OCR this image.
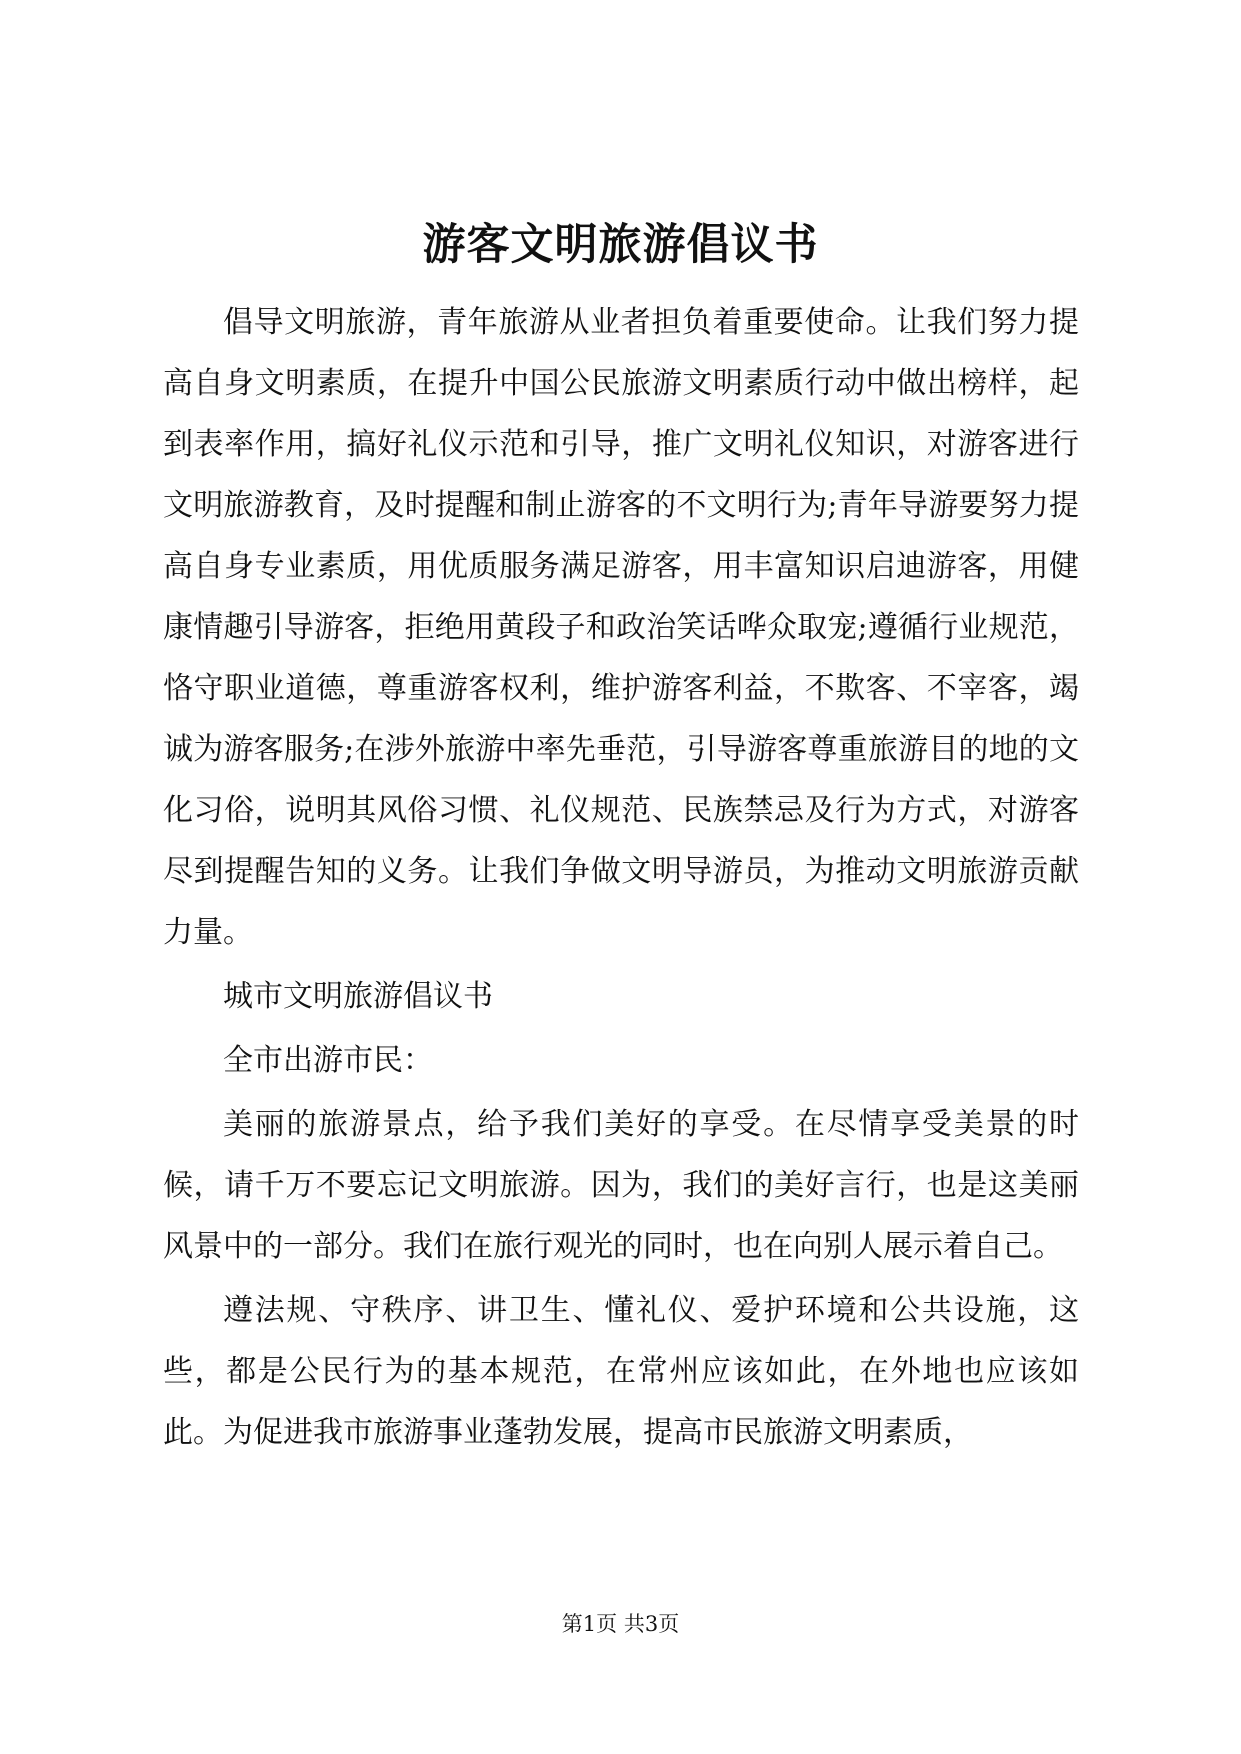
游客文明旅游倡议书

倡导文明旅游，青年旅游从业者担负着重要使命。让我们努力提高自身文明素质，在提升中国公民旅游文明素质行动中做出榜样，起到表率作用，搞好礼仪示范和引导，推广文明礼仪知识，对游客进行文明旅游教育，及时提醒和制止游客的不文明行为;青年导游要努力提高自身专业素质，用优质服务满足游客，用丰富知识启迪游客，用健康情趣引导游客，拒绝用黄段子和政治笑话哗众取宠;遵循行业规范，恪守职业道德，尊重游客权利，维护游客利益，不欺客、不宰客，竭诚为游客服务;在涉外旅游中率先垂范，引导游客尊重旅游目的地的文化习俗，说明其风俗习惯、礼仪规范、民族禁忌及行为方式，对游客尽到提醒告知的义务。让我们争做文明导游员，为推动文明旅游贡献力量。

城市文明旅游倡议书

全市出游市民：

美丽的旅游景点，给予我们美好的享受。在尽情享受美景的时候，请千万不要忘记文明旅游。因为，我们的美好言行，也是这美丽风景中的一部分。我们在旅行观光的同时，也在向别人展示着自己。

遵法规、守秩序、讲卫生、懂礼仪、爱护环境和公共设施，这些，都是公民行为的基本规范，在常州应该如此，在外地也应该如此。为促进我市旅游事业蓬勃发展，提高市民旅游文明素质，

第1页 共3页
